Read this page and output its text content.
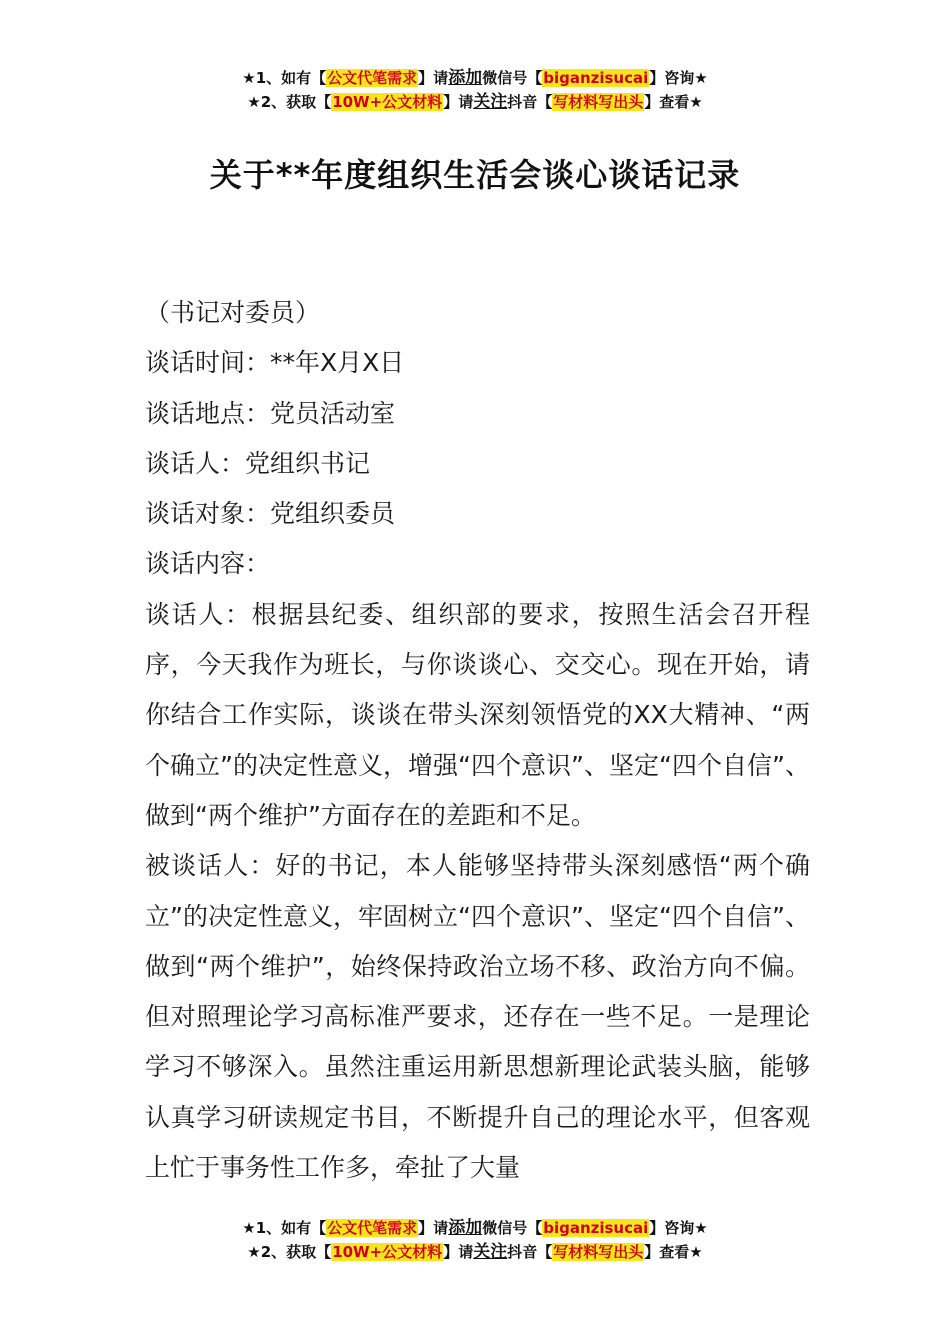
★1、如有【公文代笔需求】请添加微信号【biganzisucai】咨询★
★2、获取【10W+公文材料】请关注抖音【写材料写出头】查看★
关于**年度组织生活会谈心谈话记录

（书记对委员）

谈话时间：**年X月X日

谈话地点：党员活动室

谈话人：党组织书记

谈话对象：党组织委员

谈话内容：

谈话人：根据县纪委、组织部的要求，按照生活会召开程序，今天我作为班长，与你谈谈心、交交心。现在开始，请你结合工作实际，谈谈在带头深刻领悟党的XX大精神、“两个确立”的决定性意义，增强“四个意识”、坚定“四个自信”、做到“两个维护”方面存在的差距和不足。

被谈话人：好的书记，本人能够坚持带头深刻感悟“两个确立”的决定性意义，牢固树立“四个意识”、坚定“四个自信”、做到“两个维护”，始终保持政治立场不移、政治方向不偏。但对照理论学习高标准严要求，还存在一些不足。一是理论学习不够深入。虽然注重运用新思想新理论武装头脑，能够认真学习研读规定书目，不断提升自己的理论水平，但客观上忙于事务性工作多，牵扯了大量

★1、如有【公文代笔需求】请添加微信号【biganzisucai】咨询★
★2、获取【10W+公文材料】请关注抖音【写材料写出头】查看★
